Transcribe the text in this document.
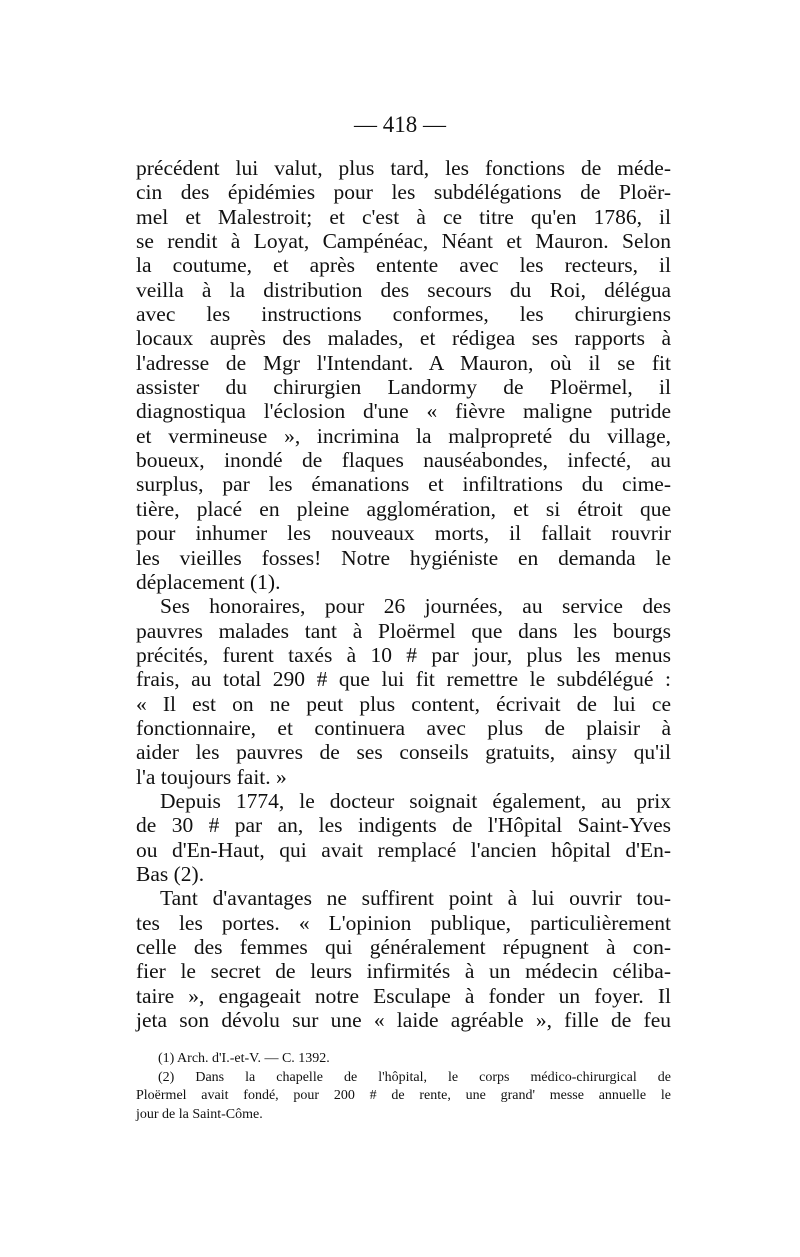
— 418 —
précédent lui valut, plus tard, les fonctions de méde-
cin des épidémies pour les subdélégations de Ploër-
mel et Malestroit; et c'est à ce titre qu'en 1786, il
se rendit à Loyat, Campénéac, Néant et Mauron. Selon
la coutume, et après entente avec les recteurs, il
veilla à la distribution des secours du Roi, délégua
avec les instructions conformes, les chirurgiens
locaux auprès des malades, et rédigea ses rapports à
l'adresse de Mgr l'Intendant. A Mauron, où il se fit
assister du chirurgien Landormy de Ploërmel, il
diagnostiqua l'éclosion d'une « fièvre maligne putride
et vermineuse », incrimina la malpropreté du village,
boueux, inondé de flaques nauséabondes, infecté, au
surplus, par les émanations et infiltrations du cime-
tière, placé en pleine agglomération, et si étroit que
pour inhumer les nouveaux morts, il fallait rouvrir
les vieilles fosses! Notre hygiéniste en demanda le
déplacement (1).
Ses honoraires, pour 26 journées, au service des
pauvres malades tant à Ploërmel que dans les bourgs
précités, furent taxés à 10 # par jour, plus les menus
frais, au total 290 # que lui fit remettre le subdélégué :
« Il est on ne peut plus content, écrivait de lui ce
fonctionnaire, et continuera avec plus de plaisir à
aider les pauvres de ses conseils gratuits, ainsy qu'il
l'a toujours fait. »
Depuis 1774, le docteur soignait également, au prix
de 30 # par an, les indigents de l'Hôpital Saint-Yves
ou d'En-Haut, qui avait remplacé l'ancien hôpital d'En-
Bas (2).
Tant d'avantages ne suffirent point à lui ouvrir tou-
tes les portes. « L'opinion publique, particulièrement
celle des femmes qui généralement répugnent à con-
fier le secret de leurs infirmités à un médecin céliba-
taire », engageait notre Esculape à fonder un foyer. Il
jeta son dévolu sur une « laide agréable », fille de feu
(1) Arch. d'I.-et-V. — C. 1392.
(2) Dans la chapelle de l'hôpital, le corps médico-chirurgical de
Ploërmel avait fondé, pour 200 # de rente, une grand' messe annuelle le
jour de la Saint-Côme.
